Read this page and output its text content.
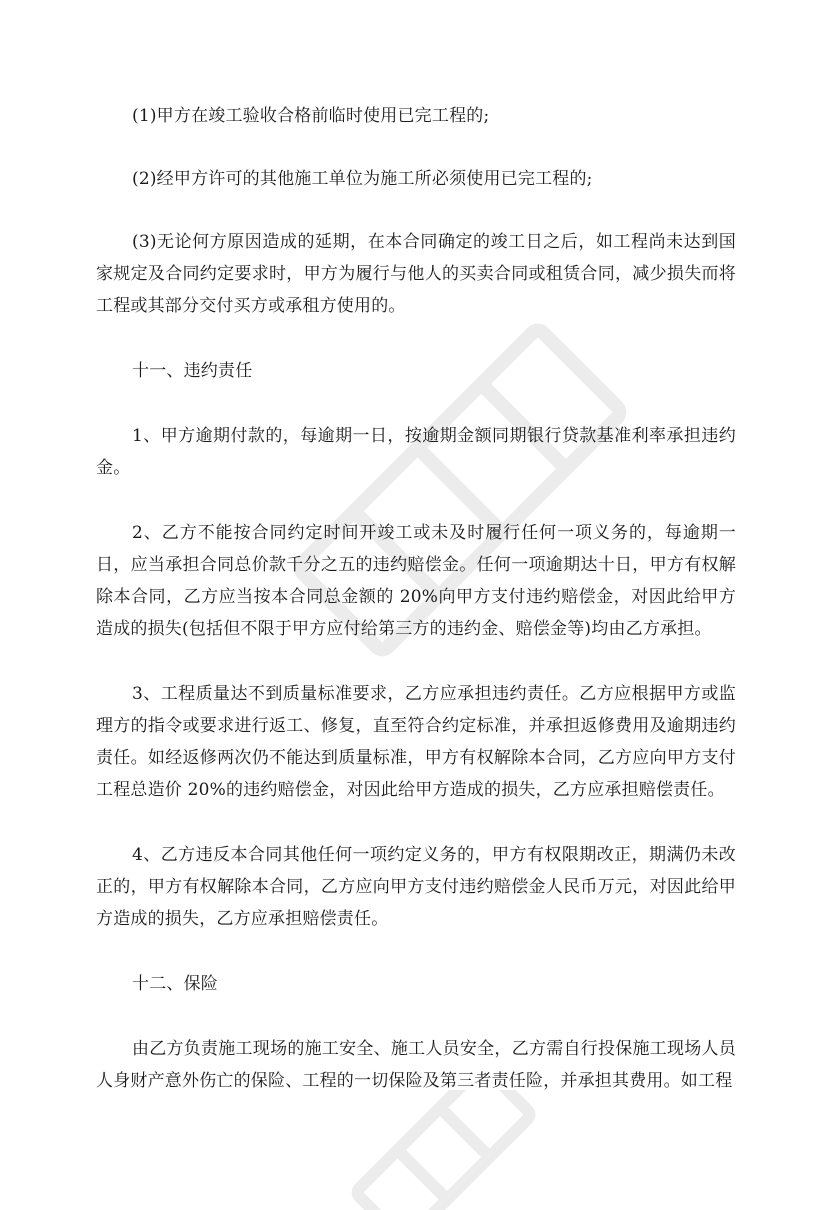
(1)甲方在竣工验收合格前临时使用已完工程的;

(2)经甲方许可的其他施工单位为施工所必须使用已完工程的;

(3)无论何方原因造成的延期，在本合同确定的竣工日之后，如工程尚未达到国家规定及合同约定要求时，甲方为履行与他人的买卖合同或租赁合同，减少损失而将工程或其部分交付买方或承租方使用的。

十一、违约责任

1、甲方逾期付款的，每逾期一日，按逾期金额同期银行贷款基准利率承担违约金。

2、乙方不能按合同约定时间开竣工或未及时履行任何一项义务的，每逾期一日，应当承担合同总价款千分之五的违约赔偿金。任何一项逾期达十日，甲方有权解除本合同，乙方应当按本合同总金额的 20%向甲方支付违约赔偿金，对因此给甲方造成的损失(包括但不限于甲方应付给第三方的违约金、赔偿金等)均由乙方承担。

3、工程质量达不到质量标准要求，乙方应承担违约责任。乙方应根据甲方或监理方的指令或要求进行返工、修复，直至符合约定标准，并承担返修费用及逾期违约责任。如经返修两次仍不能达到质量标准，甲方有权解除本合同，乙方应向甲方支付工程总造价 20%的违约赔偿金，对因此给甲方造成的损失，乙方应承担赔偿责任。

4、乙方违反本合同其他任何一项约定义务的，甲方有权限期改正，期满仍未改正的，甲方有权解除本合同，乙方应向甲方支付违约赔偿金人民币万元，对因此给甲方造成的损失，乙方应承担赔偿责任。

十二、保险

由乙方负责施工现场的施工安全、施工人员安全，乙方需自行投保施工现场人员人身财产意外伤亡的保险、工程的一切保险及第三者责任险，并承担其费用。如工程
